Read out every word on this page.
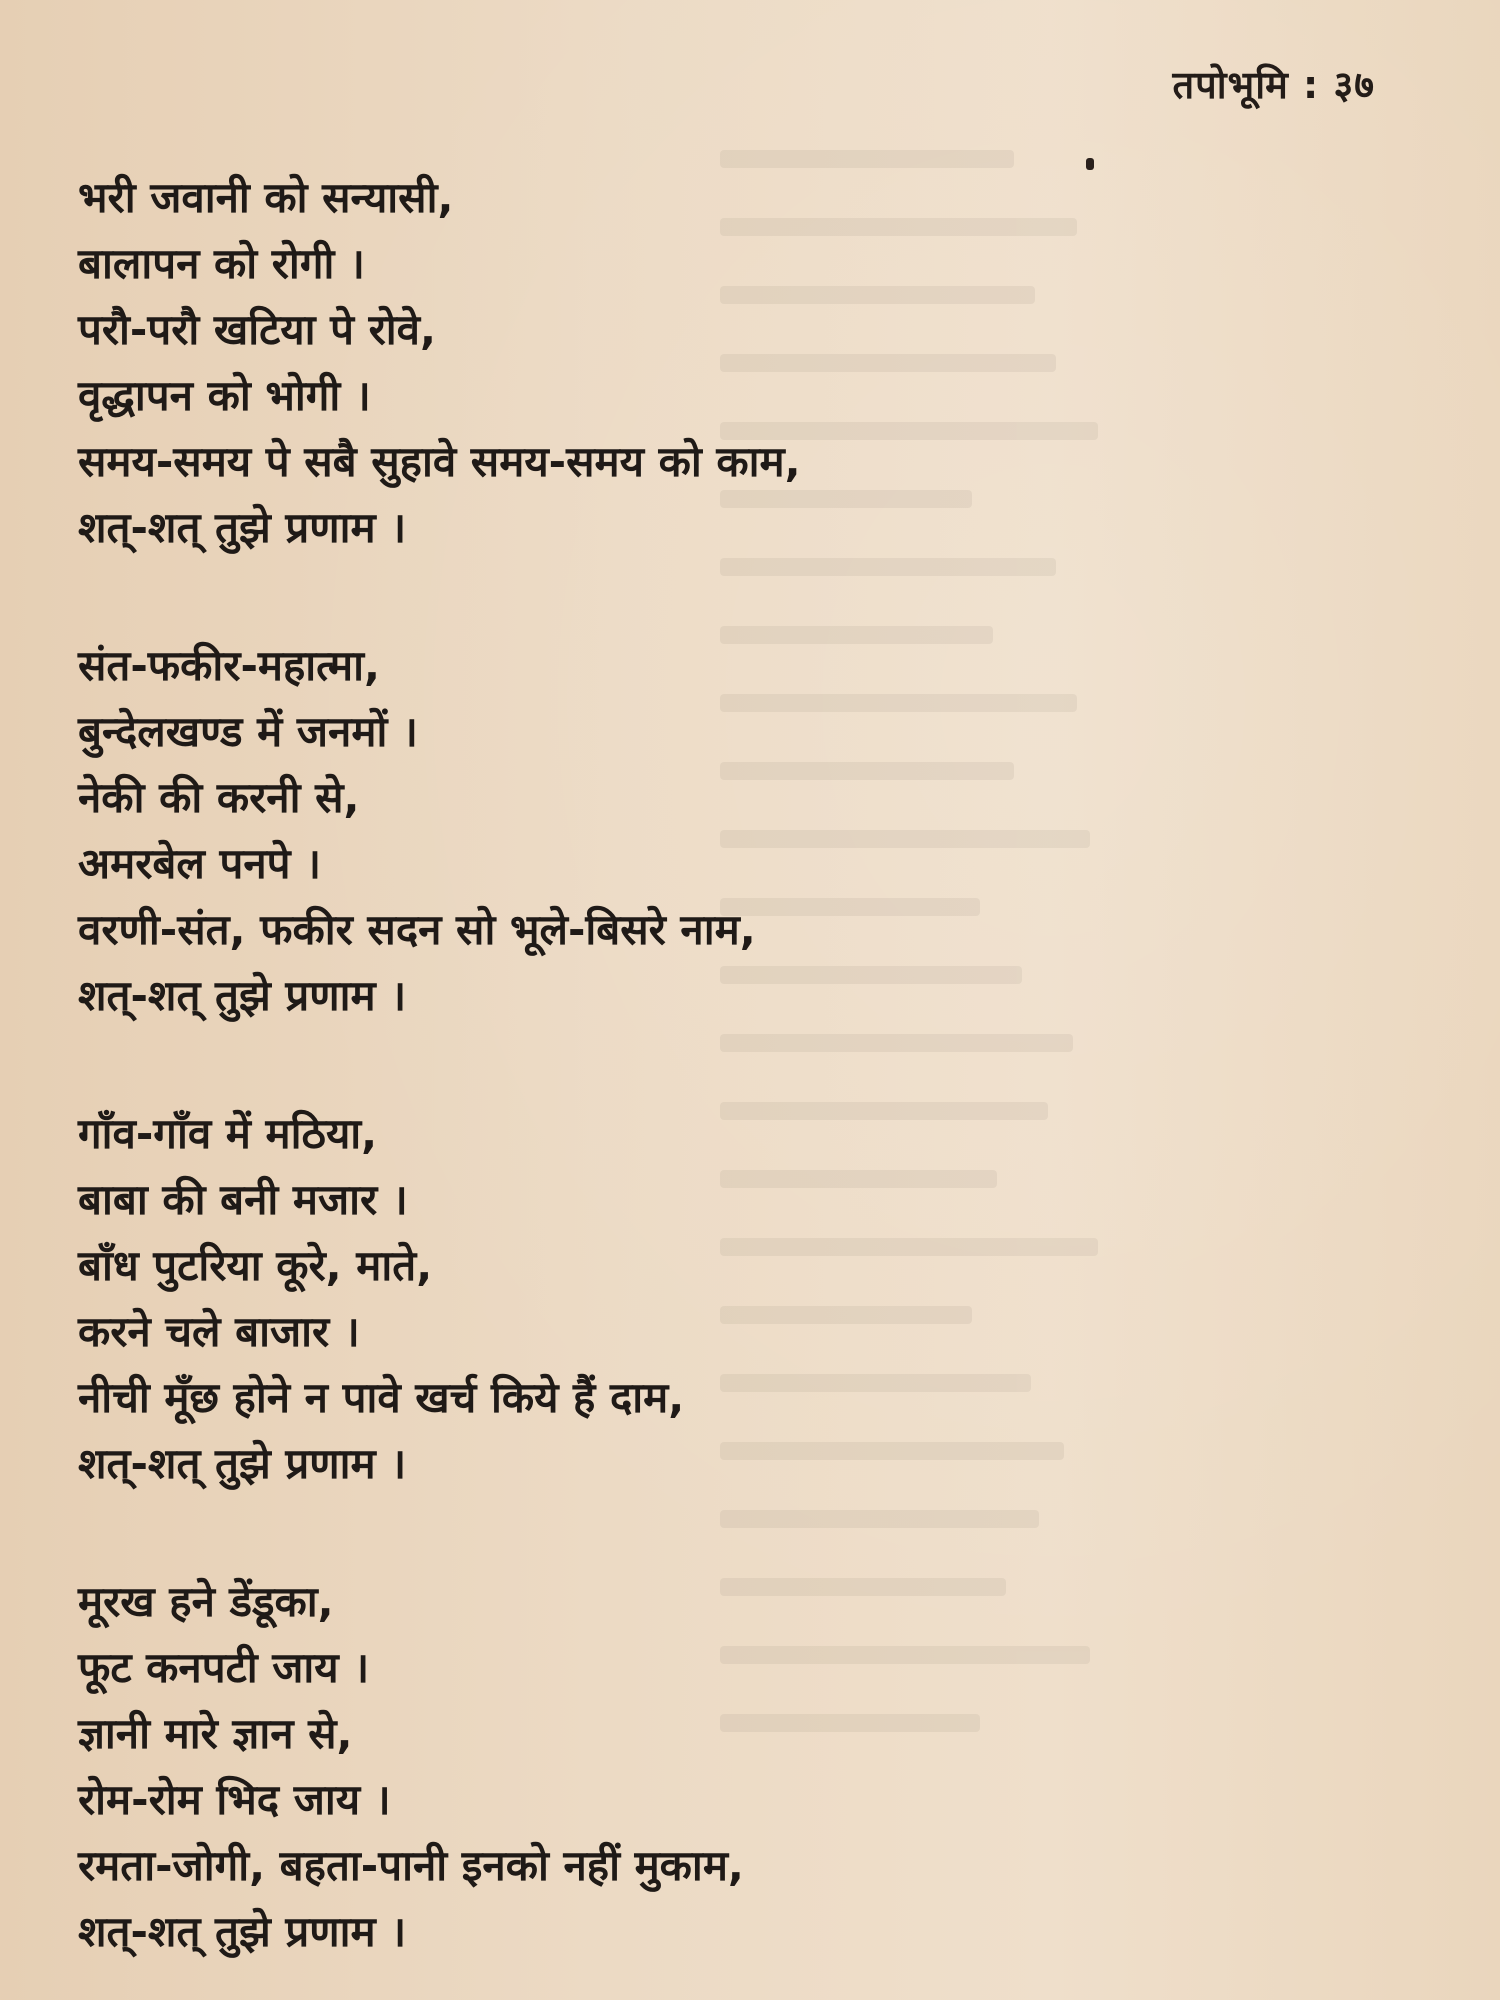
तपोभूमि : ३७
भरी जवानी को सन्यासी,
बालापन को रोगी ।
परौ-परौ खटिया पे रोवे,
वृद्धापन को भोगी ।
समय-समय पे सबै सुहावे समय-समय को काम,
शत्-शत् तुझे प्रणाम ।
संत-फकीर-महात्मा,
बुन्देलखण्ड में जनमों ।
नेकी की करनी से,
अमरबेल पनपे ।
वरणी-संत, फकीर सदन सो भूले-बिसरे नाम,
शत्-शत् तुझे प्रणाम ।
गाँव-गाँव में मठिया,
बाबा की बनी मजार ।
बाँध पुटरिया कूरे, माते,
करने चले बाजार ।
नीची मूँछ होने न पावे खर्च किये हैं दाम,
शत्-शत् तुझे प्रणाम ।
मूरख हने डेंडूका,
फूट कनपटी जाय ।
ज्ञानी मारे ज्ञान से,
रोम-रोम भिद जाय ।
रमता-जोगी, बहता-पानी इनको नहीं मुकाम,
शत्-शत् तुझे प्रणाम ।
